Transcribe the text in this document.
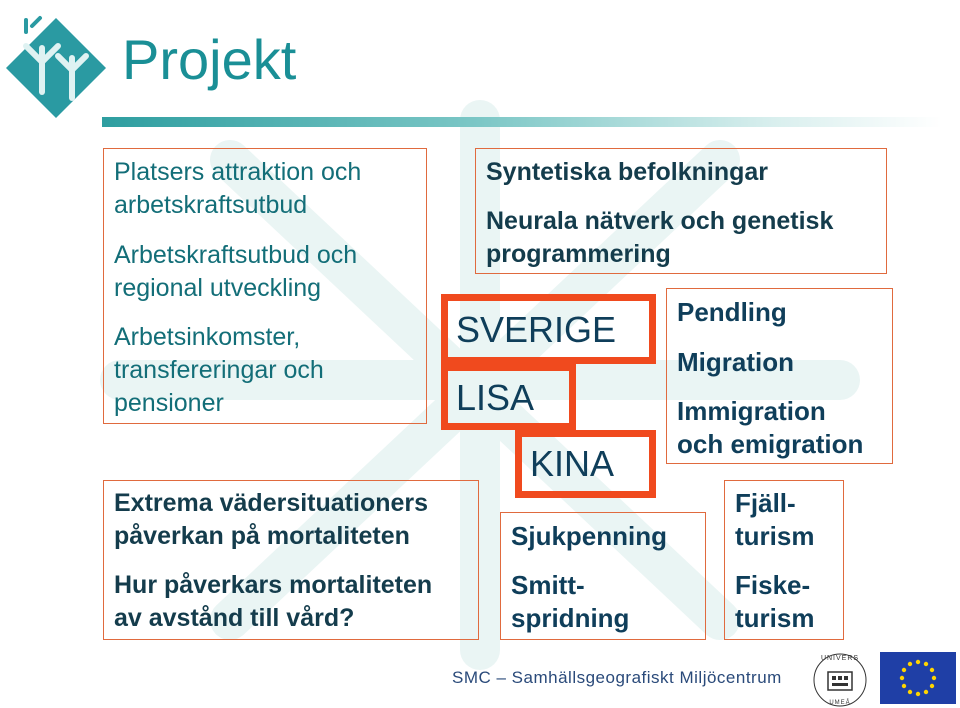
Projekt
Platsers attraktion och
arbetskraftsutbud
Arbetskraftsutbud och
regional utveckling
Arbetsinkomster,
transfereringar och
pensioner
Extrema vädersituationers
påverkan på mortaliteten
Hur påverkars mortaliteten
av avstånd till vård?
Syntetiska befolkningar
Neurala nätverk och genetisk
programmering
SVERIGE
LISA
KINA
Pendling
Migration
Immigration
och emigration
Sjukpenning
Smitt-
spridning
Fjäll-
turism
Fiske-
turism
SMC – Samhällsgeografiskt Miljöcentrum
UNIVERS
UMEÅ
